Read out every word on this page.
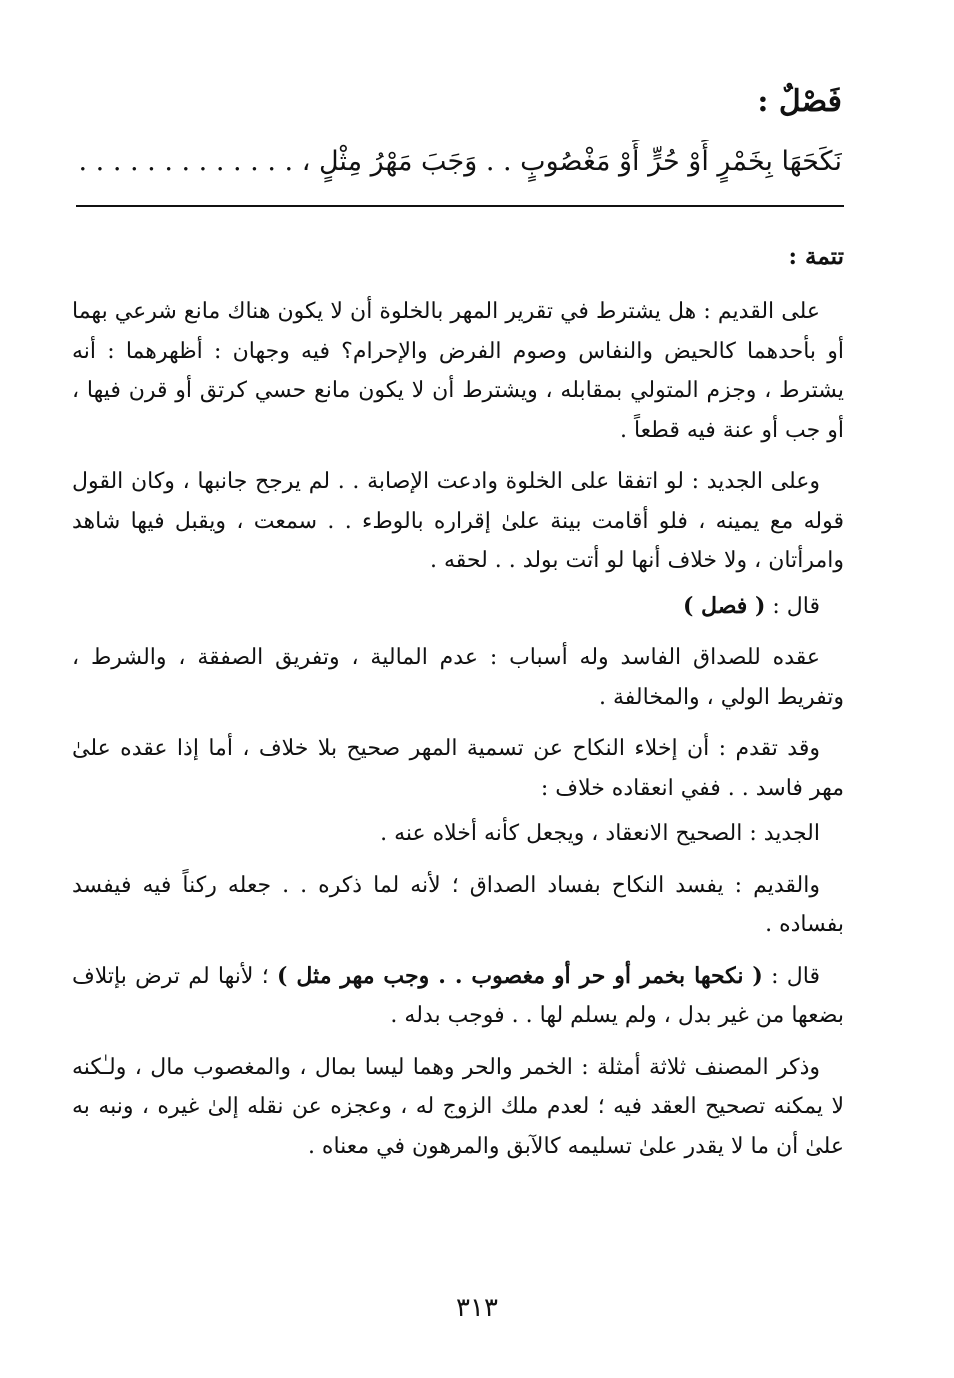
فَصْلٌ :
نَكَحَهَا بِخَمْرٍ أَوْ حُرٍّ أَوْ مَغْصُوبٍ . . وَجَبَ مَهْرُ مِثْلٍ ، . . . . . . . . . . . . .
تتمة :

على القديم : هل يشترط في تقرير المهر بالخلوة أن لا يكون هناك مانع شرعي بهما أو بأحدهما كالحيض والنفاس وصوم الفرض والإحرام؟ فيه وجهان : أظهرهما : أنه يشترط ، وجزم المتولي بمقابله ، ويشترط أن لا يكون مانع حسي كرتق أو قرن فيها ، أو جب أو عنة فيه قطعاً .

وعلى الجديد : لو اتفقا على الخلوة وادعت الإصابة . . لم يرجح جانبها ، وكان القول قوله مع يمينه ، فلو أقامت بينة علىٰ إقراره بالوطء . . سمعت ، ويقبل فيها شاهد وامرأتان ، ولا خلاف أنها لو أتت بولد . . لحقه .

قال : ( فصل )

عقده للصداق الفاسد وله أسباب : عدم المالية ، وتفريق الصفقة ، والشرط ، وتفريط الولي ، والمخالفة .

وقد تقدم : أن إخلاء النكاح عن تسمية المهر صحيح بلا خلاف ، أما إذا عقده علىٰ مهر فاسد . . ففي انعقاده خلاف :

الجديد : الصحيح الانعقاد ، ويجعل كأنه أخلاه عنه .

والقديم : يفسد النكاح بفساد الصداق ؛ لأنه لما ذكره . . جعله ركناً فيه فيفسد بفساده .

قال : ( نكحها بخمر أو حر أو مغصوب . . وجب مهر مثل ) ؛ لأنها لم ترض بإتلاف بضعها من غير بدل ، ولم يسلم لها . . فوجب بدله .

وذكر المصنف ثلاثة أمثلة : الخمر والحر وهما ليسا بمال ، والمغصوب مال ، ولـٰكنه لا يمكنه تصحيح العقد فيه ؛ لعدم ملك الزوج له ، وعجزه عن نقله إلىٰ غيره ، ونبه به علىٰ أن ما لا يقدر علىٰ تسليمه كالآبق والمرهون في معناه .

٣١٣
